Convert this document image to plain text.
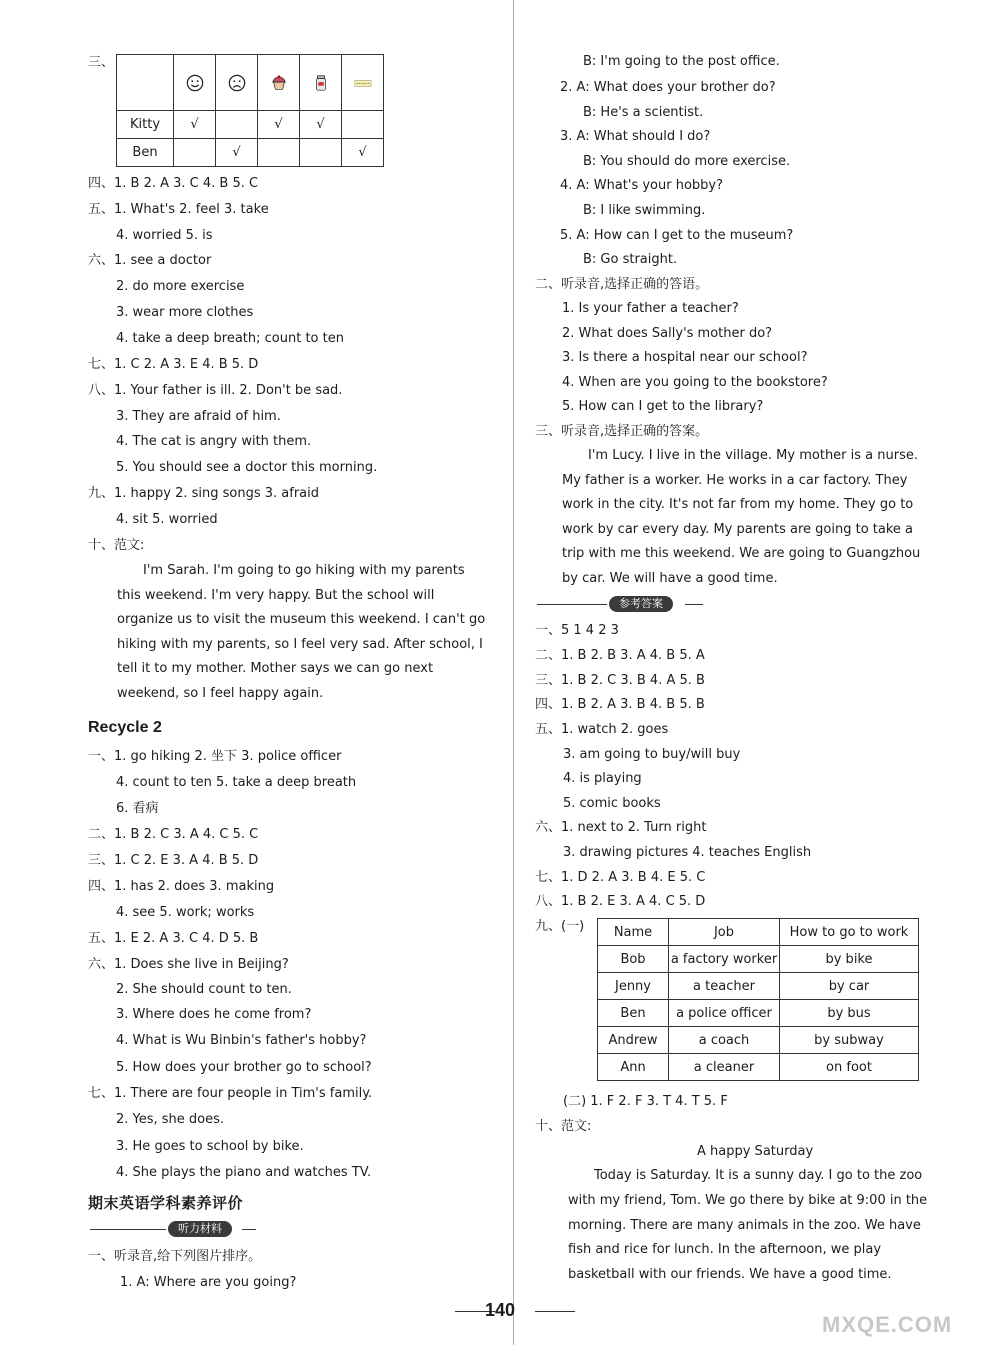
三、

Kitty	√		√	√	
Ben		√			√
四、1. B 2. A 3. C 4. B 5. C
五、1. What's 2. feel 3. take
4. worried 5. is
六、1. see a doctor
2. do more exercise
3. wear more clothes
4. take a deep breath; count to ten
七、1. C 2. A 3. E 4. B 5. D
八、1. Your father is ill. 2. Don't be sad.
3. They are afraid of him.
4. The cat is angry with them.
5. You should see a doctor this morning.
九、1. happy 2. sing songs 3. afraid
4. sit 5. worried
十、范文:
I'm Sarah. I'm going to go hiking with my parents this weekend. I'm very happy. But the school will organize us to visit the museum this weekend. I can't go hiking with my parents, so I feel very sad. After school, I tell it to my mother. Mother says we can go next weekend, so I feel happy again.
Recycle 2
一、1. go hiking 2. 坐下 3. police officer
4. count to ten 5. take a deep breath
6. 看病
二、1. B 2. C 3. A 4. C 5. C
三、1. C 2. E 3. A 4. B 5. D
四、1. has 2. does 3. making
4. see 5. work; works
五、1. E 2. A 3. C 4. D 5. B
六、1. Does she live in Beijing?
2. She should count to ten.
3. Where does he come from?
4. What is Wu Binbin's father's hobby?
5. How does your brother go to school?
七、1. There are four people in Tim's family.
2. Yes, she does.
3. He goes to school by bike.
4. She plays the piano and watches TV.
期末英语学科素养评价
听力材料
一、听录音,给下列图片排序。
1. A: Where are you going?
B: I'm going to the post office.
2. A: What does your brother do?
B: He's a scientist.
3. A: What should I do?
B: You should do more exercise.
4. A: What's your hobby?
B: I like swimming.
5. A: How can I get to the museum?
B: Go straight.
二、听录音,选择正确的答语。
1. Is your father a teacher?
2. What does Sally's mother do?
3. Is there a hospital near our school?
4. When are you going to the bookstore?
5. How can I get to the library?
三、听录音,选择正确的答案。
I'm Lucy. I live in the village. My mother is a nurse. My father is a worker. He works in a car factory. They work in the city. It's not far from my home. They go to work by car every day. My parents are going to take a trip with me this weekend. We are going to Guangzhou by car. We will have a good time.
参考答案
一、5 1 4 2 3
二、1. B 2. B 3. A 4. B 5. A
三、1. B 2. C 3. B 4. A 5. B
四、1. B 2. A 3. B 4. B 5. B
五、1. watch 2. goes
3. am going to buy/will buy
4. is playing
5. comic books
六、1. next to 2. Turn right
3. drawing pictures 4. teaches English
七、1. D 2. A 3. B 4. E 5. C
八、1. B 2. E 3. A 4. C 5. D
九、(一) Name	Job	How to go to work
Bob	a factory worker	by bike
Jenny	a teacher	by car
Ben	a police officer	by bus
Andrew	a coach	by subway
Ann	a cleaner	on foot
(二) 1. F 2. F 3. T 4. T 5. F
十、范文:
A happy Saturday
Today is Saturday. It is a sunny day. I go to the zoo with my friend, Tom. We go there by bike at 9:00 in the morning. There are many animals in the zoo. We have fish and rice for lunch. In the afternoon, we play basketball with our friends. We have a good time.
140
MXQE.COM
